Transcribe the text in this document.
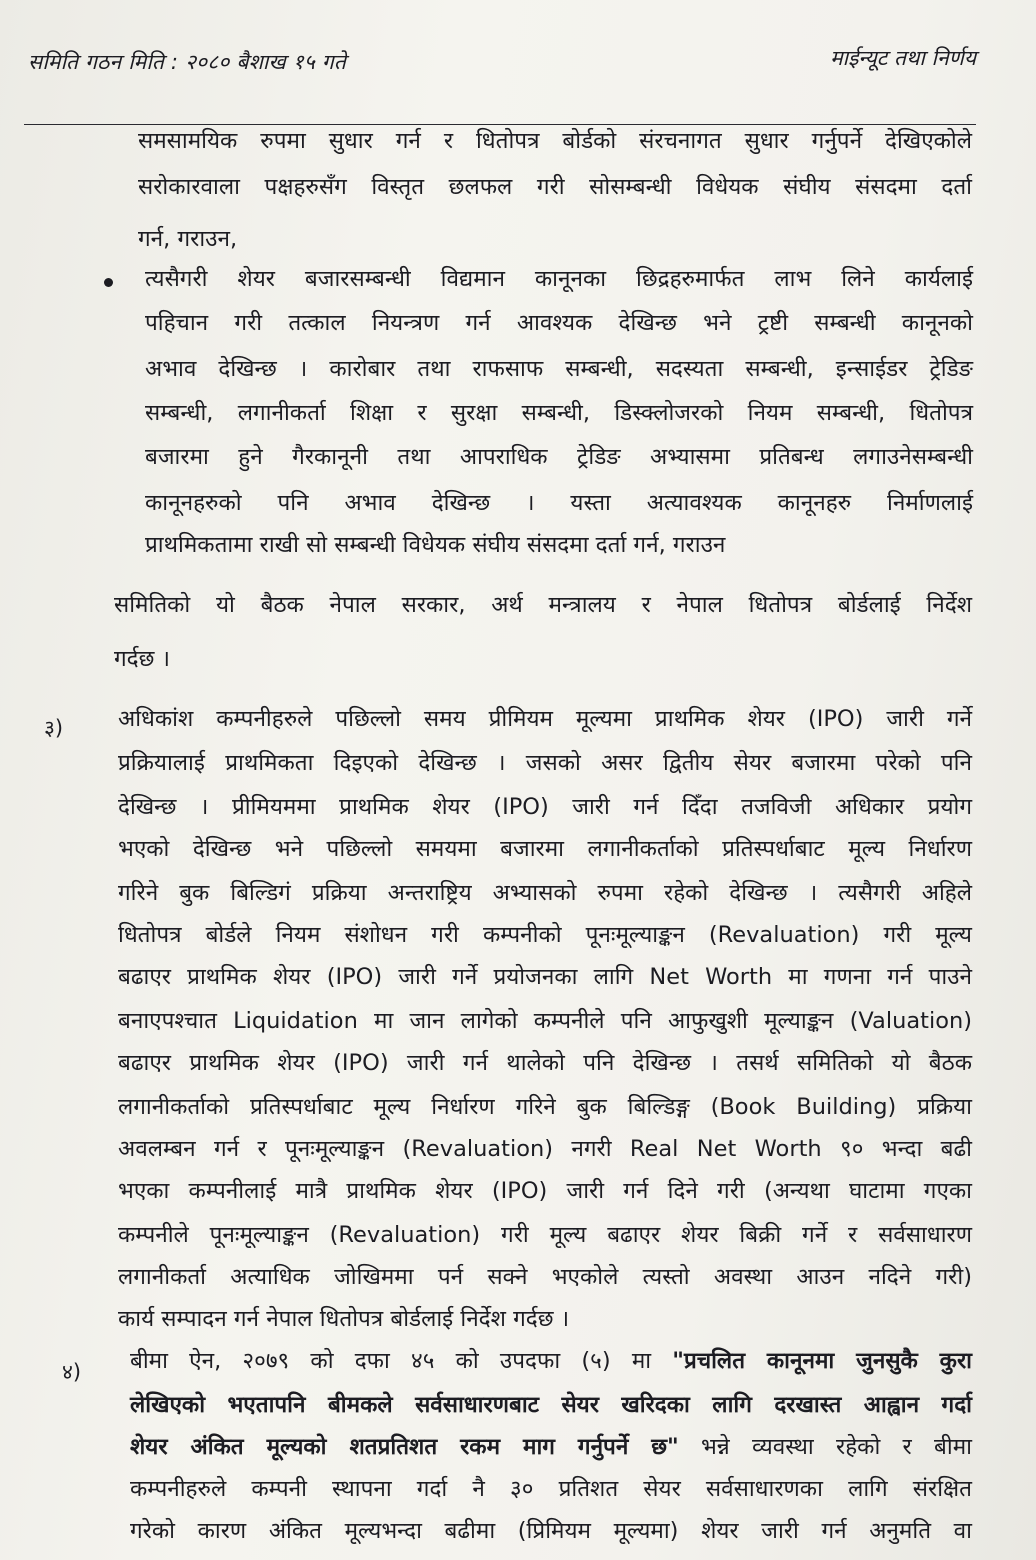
समिति गठन मिति : २०८० बैशाख १५ गते	माईन्यूट तथा निर्णय
समसामयिक रुपमा सुधार गर्न र धितोपत्र बोर्डको संरचनागत सुधार गर्नुपर्ने देखिएकोले
सरोकारवाला पक्षहरुसँग विस्तृत छलफल गरी सोसम्बन्धी विधेयक संघीय संसदमा दर्ता
गर्न, गराउन,
त्यसैगरी शेयर बजारसम्बन्धी विद्यमान कानूनका छिद्रहरुमार्फत लाभ लिने कार्यलाई
पहिचान गरी तत्काल नियन्त्रण गर्न आवश्यक देखिन्छ भने ट्रष्टी सम्बन्धी कानूनको
अभाव देखिन्छ । कारोबार तथा राफसाफ सम्बन्धी, सदस्यता सम्बन्धी, इन्साईडर ट्रेडिङ
सम्बन्धी, लगानीकर्ता शिक्षा र सुरक्षा सम्बन्धी, डिस्क्लोजरको नियम सम्बन्धी, धितोपत्र
बजारमा हुने गैरकानूनी तथा आपराधिक ट्रेडिङ अभ्यासमा प्रतिबन्ध लगाउनेसम्बन्धी
कानूनहरुको पनि अभाव देखिन्छ । यस्ता अत्यावश्यक कानूनहरु निर्माणलाई
प्राथमिकतामा राखी सो सम्बन्धी विधेयक संघीय संसदमा दर्ता गर्न, गराउन
समितिको यो बैठक नेपाल सरकार, अर्थ मन्त्रालय र नेपाल धितोपत्र बोर्डलाई निर्देश
गर्दछ ।
३) अधिकांश कम्पनीहरुले पछिल्लो समय प्रीमियम मूल्यमा प्राथमिक शेयर (IPO) जारी गर्ने
प्रक्रियालाई प्राथमिकता दिइएको देखिन्छ । जसको असर द्वितीय सेयर बजारमा परेको पनि
देखिन्छ । प्रीमियममा प्राथमिक शेयर (IPO) जारी गर्न दिँदा तजविजी अधिकार प्रयोग
भएको देखिन्छ भने पछिल्लो समयमा बजारमा लगानीकर्ताको प्रतिस्पर्धाबाट मूल्य निर्धारण
गरिने बुक बिल्डिगं प्रक्रिया अन्तराष्ट्रिय अभ्यासको रुपमा रहेको देखिन्छ । त्यसैगरी अहिले
धितोपत्र बोर्डले नियम संशोधन गरी कम्पनीको पूनःमूल्याङ्कन (Revaluation) गरी मूल्य
बढाएर प्राथमिक शेयर (IPO) जारी गर्ने प्रयोजनका लागि Net Worth मा गणना गर्न पाउने
बनाएपश्चात Liquidation मा जान लागेको कम्पनीले पनि आफुखुशी मूल्याङ्कन (Valuation)
बढाएर प्राथमिक शेयर (IPO) जारी गर्न थालेको पनि देखिन्छ । तसर्थ समितिको यो बैठक
लगानीकर्ताको प्रतिस्पर्धाबाट मूल्य निर्धारण गरिने बुक बिल्डिङ्ग (Book Building) प्रक्रिया
अवलम्बन गर्न र पूनःमूल्याङ्कन (Revaluation) नगरी Real Net Worth ९० भन्दा बढी
भएका कम्पनीलाई मात्रै प्राथमिक शेयर (IPO) जारी गर्न दिने गरी (अन्यथा घाटामा गएका
कम्पनीले पूनःमूल्याङ्कन (Revaluation) गरी मूल्य बढाएर शेयर बिक्री गर्ने र सर्वसाधारण
लगानीकर्ता अत्याधिक जोखिममा पर्न सक्ने भएकोले त्यस्तो अवस्था आउन नदिने गरी)
कार्य सम्पादन गर्न नेपाल धितोपत्र बोर्डलाई निर्देश गर्दछ ।
४) बीमा ऐन, २०७९ को दफा ४५ को उपदफा (५) मा "प्रचलित कानूनमा जुनसुकै कुरा
लेखिएको भएतापनि बीमकले सर्वसाधारणबाट सेयर खरिदका लागि दरखास्त आह्वान गर्दा
शेयर अंकित मूल्यको शतप्रतिशत रकम माग गर्नुपर्ने छ" भन्ने व्यवस्था रहेको र बीमा
कम्पनीहरुले कम्पनी स्थापना गर्दा नै ३० प्रतिशत सेयर सर्वसाधारणका लागि संरक्षित
गरेको कारण अंकित मूल्यभन्दा बढीमा (प्रिमियम मूल्यमा) शेयर जारी गर्न अनुमति वा
